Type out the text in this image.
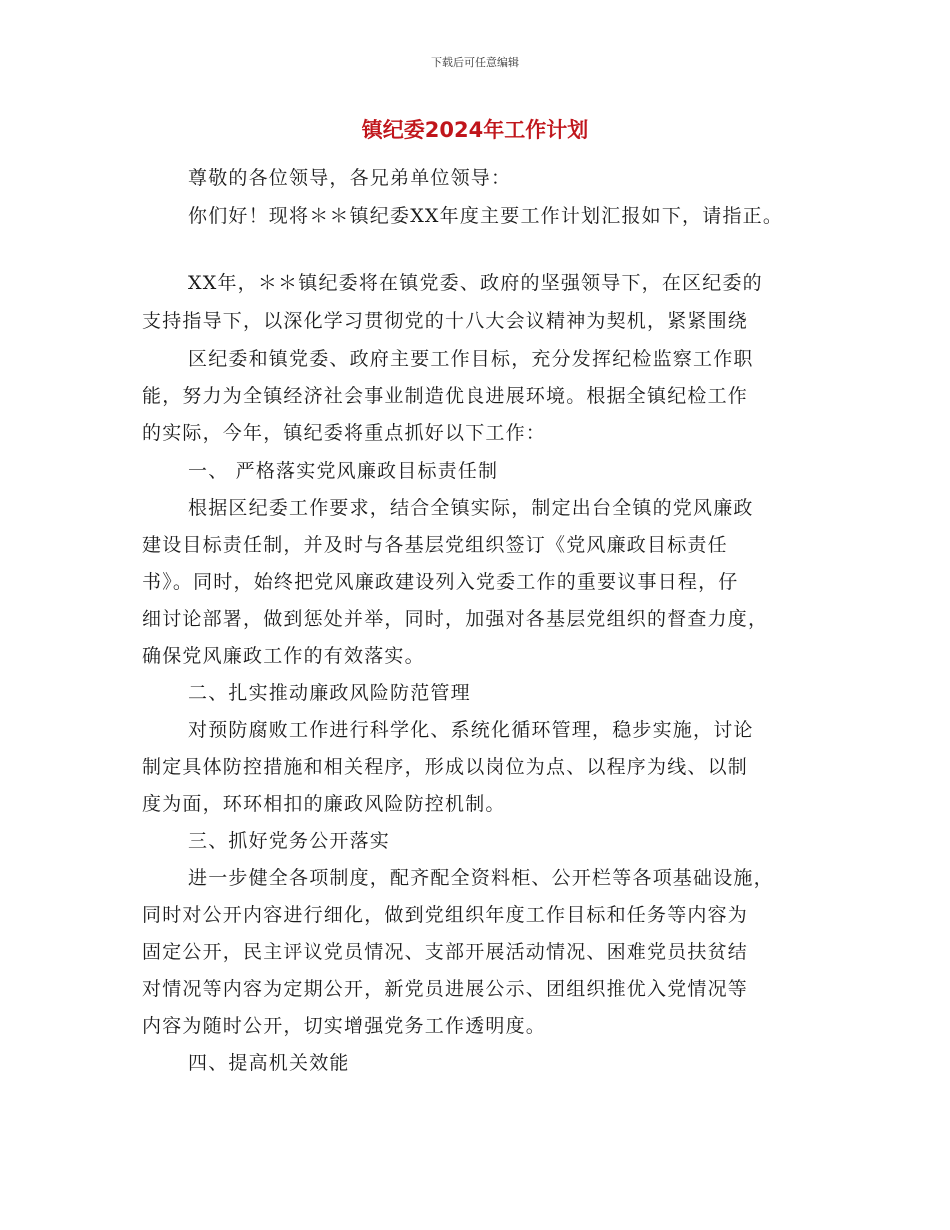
下载后可任意编辑
镇纪委2024年工作计划
尊敬的各位领导，各兄弟单位领导：
你们好！现将＊＊镇纪委XX年度主要工作计划汇报如下，请指正。
XX年，＊＊镇纪委将在镇党委、政府的坚强领导下，在区纪委的
支持指导下，以深化学习贯彻党的十八大会议精神为契机，紧紧围绕
区纪委和镇党委、政府主要工作目标，充分发挥纪检监察工作职
能，努力为全镇经济社会事业制造优良进展环境。根据全镇纪检工作
的实际，今年，镇纪委将重点抓好以下工作：
一、 严格落实党风廉政目标责任制
根据区纪委工作要求，结合全镇实际，制定出台全镇的党风廉政
建设目标责任制，并及时与各基层党组织签订《党风廉政目标责任
书》。同时，始终把党风廉政建设列入党委工作的重要议事日程，仔
细讨论部署，做到惩处并举，同时，加强对各基层党组织的督查力度，
确保党风廉政工作的有效落实。
二、扎实推动廉政风险防范管理
对预防腐败工作进行科学化、系统化循环管理，稳步实施，讨论
制定具体防控措施和相关程序，形成以岗位为点、以程序为线、以制
度为面，环环相扣的廉政风险防控机制。
三、抓好党务公开落实
进一步健全各项制度，配齐配全资料柜、公开栏等各项基础设施，
同时对公开内容进行细化，做到党组织年度工作目标和任务等内容为
固定公开，民主评议党员情况、支部开展活动情况、困难党员扶贫结
对情况等内容为定期公开，新党员进展公示、团组织推优入党情况等
内容为随时公开，切实增强党务工作透明度。
四、提高机关效能
